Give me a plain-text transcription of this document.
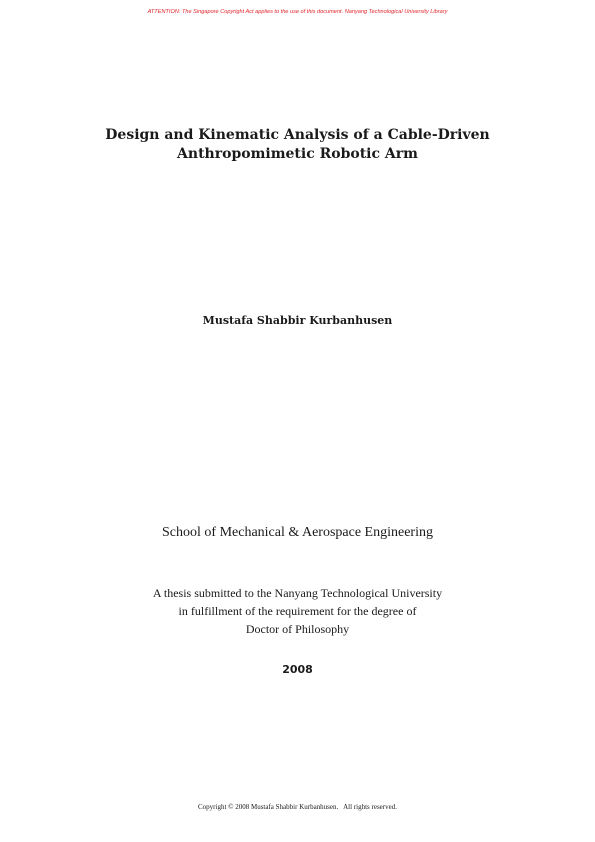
ATTENTION: The Singapore Copyright Act applies to the use of this document. Nanyang Technological University Library
Design and Kinematic Analysis of a Cable-Driven
Anthropomimetic Robotic Arm
Mustafa Shabbir Kurbanhusen
School of Mechanical & Aerospace Engineering
A thesis submitted to the Nanyang Technological University
in fulfillment of the requirement for the degree of
Doctor of Philosophy
2008
Copyright © 2008 Mustafa Shabbir Kurbanhusen.   All rights reserved.
